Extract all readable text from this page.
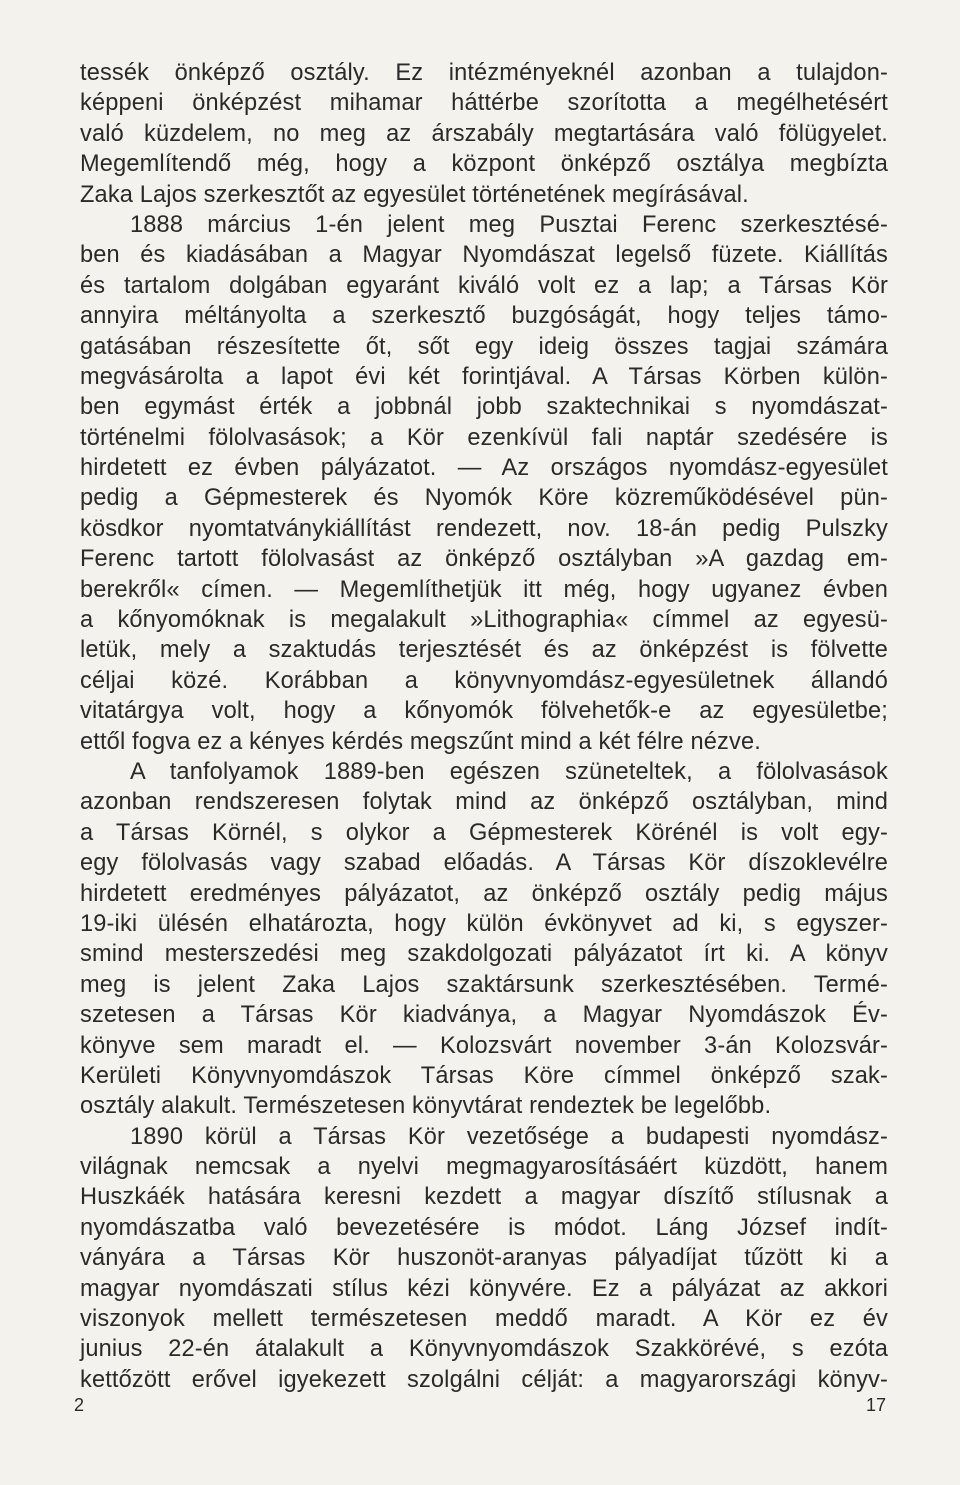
tessék önképző osztály. Ez intézményeknél azonban a tulajdon-
képpeni önképzést mihamar háttérbe szorította a megélhetésért
való küzdelem, no meg az árszabály megtartására való fölügyelet.
Megemlítendő még, hogy a központ önképző osztálya megbízta
Zaka Lajos szerkesztőt az egyesület történetének megírásával.
1888 március 1-én jelent meg Pusztai Ferenc szerkesztésé-
ben és kiadásában a Magyar Nyomdászat legelső füzete. Kiállítás
és tartalom dolgában egyaránt kiváló volt ez a lap; a Társas Kör
annyira méltányolta a szerkesztő buzgóságát, hogy teljes támo-
gatásában részesítette őt, sőt egy ideig összes tagjai számára
megvásárolta a lapot évi két forintjával. A Társas Körben külön-
ben egymást érték a jobbnál jobb szaktechnikai s nyomdászat-
történelmi fölolvasások; a Kör ezenkívül fali naptár szedésére is
hirdetett ez évben pályázatot. — Az országos nyomdász-egyesület
pedig a Gépmesterek és Nyomók Köre közreműködésével pün-
kösdkor nyomtatványkiállítást rendezett, nov. 18-án pedig Pulszky
Ferenc tartott fölolvasást az önképző osztályban »A gazdag em-
berekről« címen. — Megemlíthetjük itt még, hogy ugyanez évben
a kőnyomóknak is megalakult »Lithographia« címmel az egyesü-
letük, mely a szaktudás terjesztését és az önképzést is fölvette
céljai közé. Korábban a könyvnyomdász-egyesületnek állandó
vitatárgya volt, hogy a kőnyomók fölvehetők-e az egyesületbe;
ettől fogva ez a kényes kérdés megszűnt mind a két félre nézve.
A tanfolyamok 1889-ben egészen szüneteltek, a fölolvasások
azonban rendszeresen folytak mind az önképző osztályban, mind
a Társas Körnél, s olykor a Gépmesterek Körénél is volt egy-
egy fölolvasás vagy szabad előadás. A Társas Kör díszoklevélre
hirdetett eredményes pályázatot, az önképző osztály pedig május
19-iki ülésén elhatározta, hogy külön évkönyvet ad ki, s egyszer-
smind mesterszedési meg szakdolgozati pályázatot írt ki. A könyv
meg is jelent Zaka Lajos szaktársunk szerkesztésében. Termé-
szetesen a Társas Kör kiadványa, a Magyar Nyomdászok Év-
könyve sem maradt el. — Kolozsvárt november 3-án Kolozsvár-
Kerületi Könyvnyomdászok Társas Köre címmel önképző szak-
osztály alakult. Természetesen könyvtárat rendeztek be legelőbb.
1890 körül a Társas Kör vezetősége a budapesti nyomdász-
világnak nemcsak a nyelvi megmagyarosításáért küzdött, hanem
Huszkáék hatására keresni kezdett a magyar díszítő stílusnak a
nyomdászatba való bevezetésére is módot. Láng József indít-
ványára a Társas Kör huszonöt-aranyas pályadíjat tűzött ki a
magyar nyomdászati stílus kézi könyvére. Ez a pályázat az akkori
viszonyok mellett természetesen meddő maradt. A Kör ez év
junius 22-én átalakult a Könyvnyomdászok Szakkörévé, s ezóta
kettőzött erővel igyekezett szolgálni célját: a magyarországi könyv-
2	17
